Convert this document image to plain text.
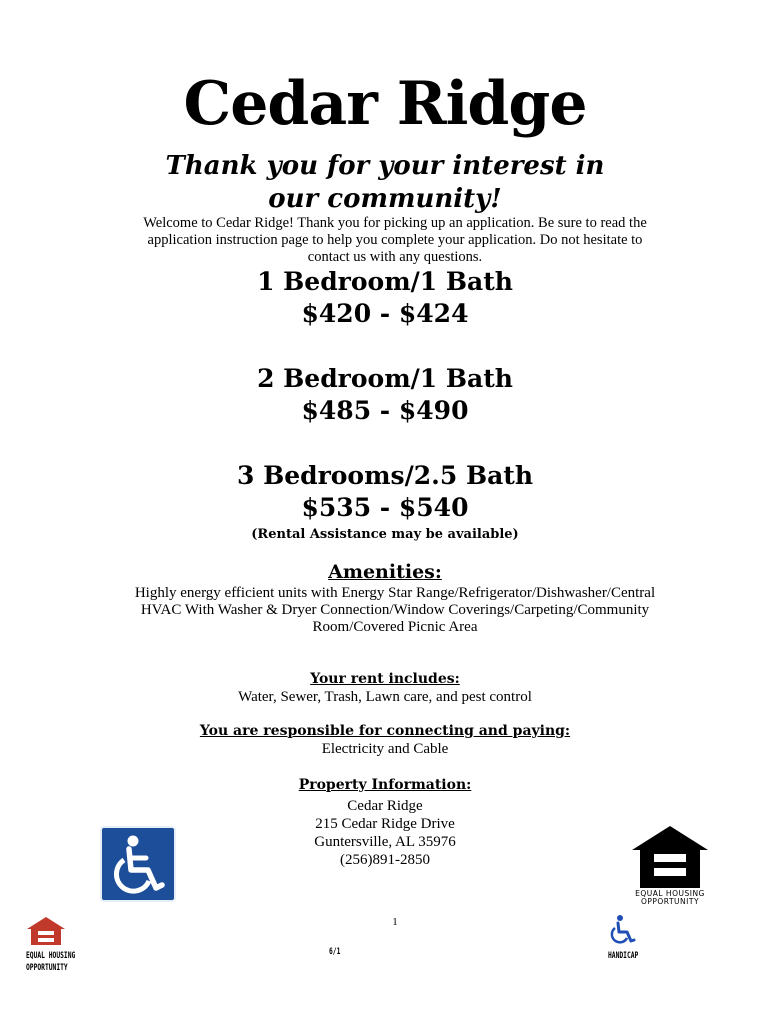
Cedar Ridge
Thank you for your interest in
our community!
Welcome to Cedar Ridge! Thank you for picking up an application. Be sure to read the application instruction page to help you complete your application. Do not hesitate to contact us with any questions.
1 Bedroom/1 Bath
$420 - $424
2 Bedroom/1 Bath
$485 - $490
3 Bedrooms/2.5 Bath
$535 - $540
(Rental Assistance may be available)
Amenities:
Highly energy efficient units with Energy Star Range/Refrigerator/Dishwasher/Central HVAC With Washer & Dryer Connection/Window Coverings/Carpeting/Community Room/Covered Picnic Area
Your rent includes:
Water, Sewer, Trash, Lawn care, and pest control
You are responsible for connecting and paying:
Electricity and Cable
Property Information:
Cedar Ridge
215 Cedar Ridge Drive
Guntersville, AL 35976
(256)891-2850
EQUAL HOUSING
OPPORTUNITY
1
EQUAL HOUSING
OPPORTUNITY
6/1	HANDICAP
